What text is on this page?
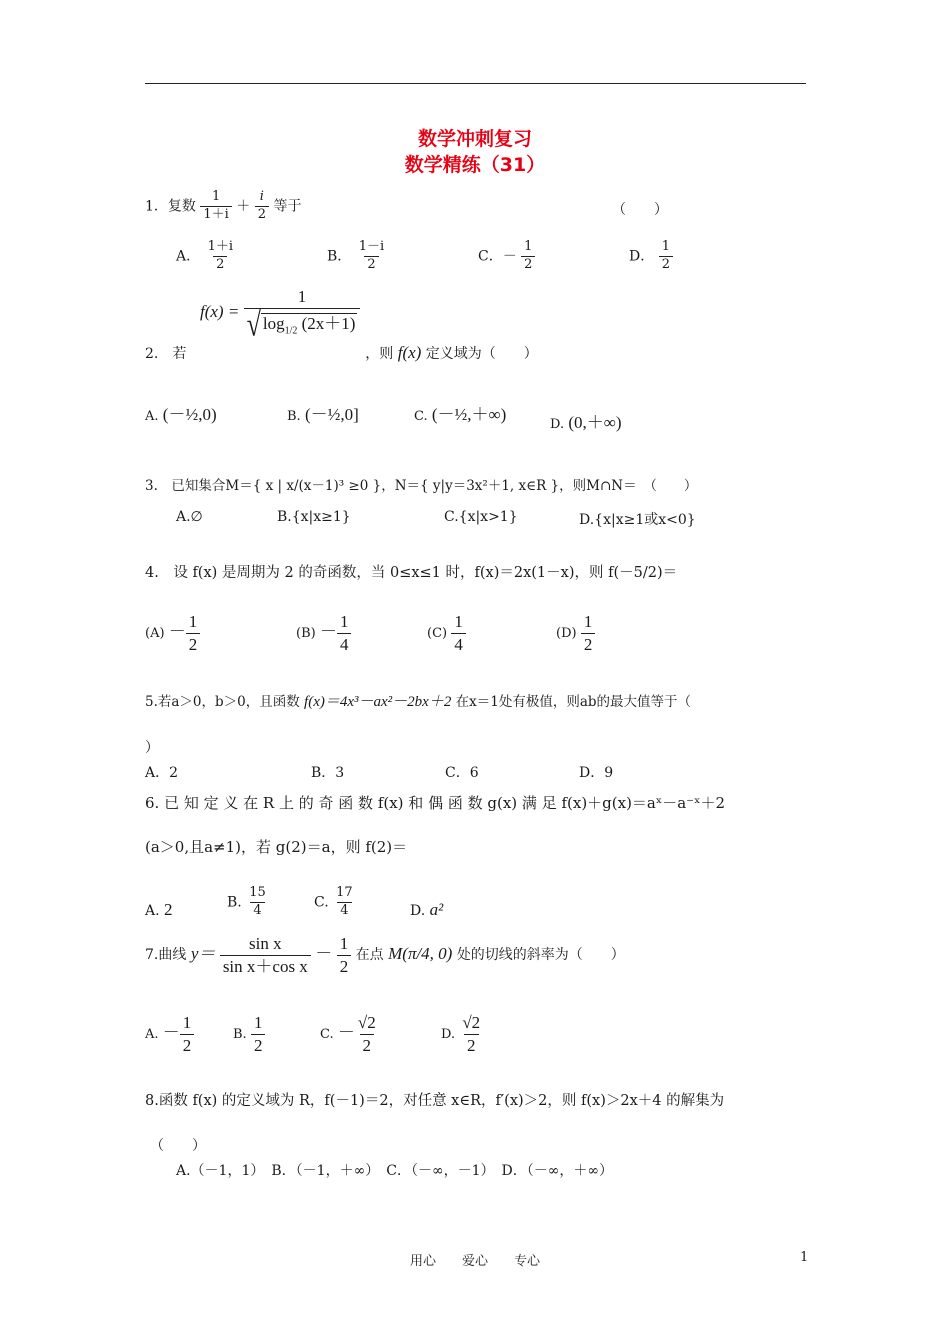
数学冲刺复习
数学精练（31）
1．复数 $\frac{1}{1+i} + \frac{i}{2}$ 等于	（　　）
A． $\frac{1+i}{2}$	B． $\frac{1-i}{2}$	C．－ $\frac{1}{2}$	D． $\frac{1}{2}$
$f(x) = \frac{1}{√ \log_{1/2} (2x+1)}$
2.　若	，则 f(x) 定义域为（　　）
A. (－½,0)	B. (－½,0]	C. (－½,＋∞)
D. (0,＋∞)
3.　已知集合M＝{ x | x/(x－1)³ ≥0 }，N＝{ y|y＝3x²＋1, x∈R }，则M∩N＝　（　　）
A.∅	B.{x|x≥1}	C.{x|x>1}	D.{x|x≥1或x<0}
4.　设 f(x) 是周期为 2 的奇函数，当 0≤x≤1 时，f(x)＝2x(1－x)，则 f(－5/2)＝
$(A) - \frac{1}{2}$	$(B) - \frac{1}{4}$	$(C) \frac{1}{4}$	$(D) \frac{1}{2}$
5.若a＞0，b＞0，且函数 f(x)＝4x³－ax²－2bx＋2 在x＝1处有极值，则ab的最大值等于（
）
A．2	B．3	C．6	D．9
6. 已 知 定 义 在 R 上 的 奇 函 数 f(x) 和 偶 函 数 g(x) 满 足 f(x)＋g(x)＝aˣ－a⁻ˣ＋2
(a＞0,且a≠1)，若 g(2)＝a，则 f(2)＝
A. 2	B. $\frac{15}{4}$	C. $\frac{17}{4}$	D. a²
7.曲线 $y= \frac{\text{sin x}}{\text{sin x＋cos x}} - \frac{1}{2}$ 在点 M(π/4, 0) 处的切线的斜率为（　　）
A. － $\frac{1}{2}$	B. $\frac{1}{2}$	C. － $\frac{√2}{2}$	D. $\frac{√2}{2}$
8.函数 f(x) 的定义域为 R，f(－1)＝2，对任意 x∈R，f′(x)＞2，则 f(x)＞2x＋4 的解集为
（　　）
A.（－1，1）　B．（－1，＋∞）　C．（－∞，－1）　D．（－∞，＋∞）
用心　　爱心　　专心	1
